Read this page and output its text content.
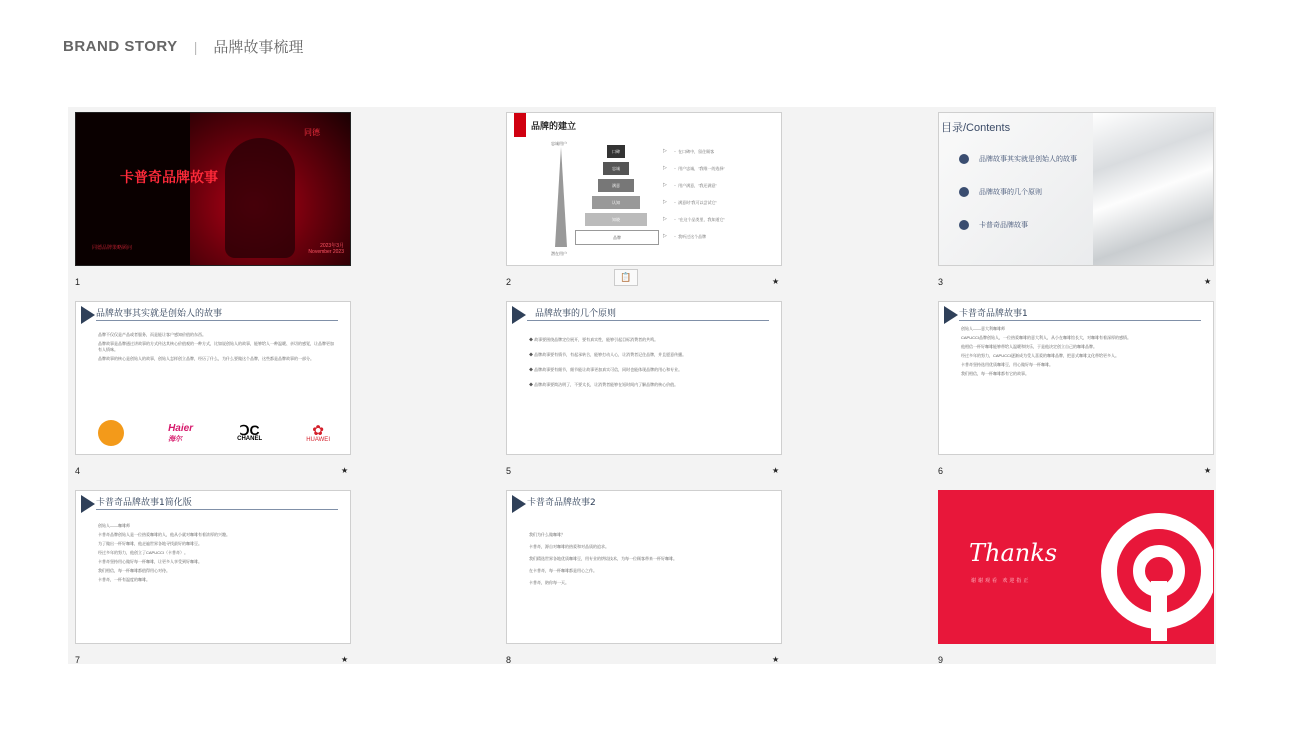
BRAND STORY | 品牌故事梳理
同德
卡普奇品牌故事
同德品牌策略顾问	2023年3月
November 2023
1
品牌的建立
忠诚用户
潜在用户
口碑
忠诚
满意
认知
知晓
品牌
▷ ・ 在口碑中，留住顾客
▷ ・ 用户忠诚，"我唯一的选择"
▷ ・ 用户满意，"我还满意"
▷ ・ 满意时"我可以尝试它"
▷ ・ "在这个品类里，我知道它"
▷ ・ 我听过这个品牌
2	★
目录/Contents
品牌故事其实就是创始人的故事
品牌故事的几个原则
卡普奇品牌故事
3	★
品牌故事其实就是创始人的故事

品牌不仅仅是产品或者服务，而是能让客户感知价值的东西。

品牌故事是品牌通过讲故事的方式传达其核心价值观的一种方式，比如说创始人的故事，能够给人一种温暖、亲切的感觉，让品牌更加有人情味。

品牌故事的核心是创始人的故事，创始人怎样创立品牌，经历了什么，为什么要做这个品牌，这些都是品牌故事的一部分。

Haier
海尔
ↃC
CHANEL
✿
HUAWEI
4	★
品牌故事的几个原则

◆ 故事要围绕品牌定位展开，要有真实性，能够引起目标消费者的共鸣。

◆ 品牌故事要有情节，有起承转合，能够打动人心，让消费者记住品牌，并且愿意传播。

◆ 品牌故事要有细节，细节能让故事更加真实可信，同时也能体现品牌的用心和专业。

◆ 品牌故事要简洁明了，不要太长，让消费者能够在短时间内了解品牌的核心价值。

5	★
卡普奇品牌故事1

创始人——意大利咖啡师

CAPUCCI品牌创始人，一位热爱咖啡的意大利人，从小在咖啡馆长大，对咖啡有着深厚的感情。

他相信一杯好咖啡能够带给人温暖和快乐，于是他决定创立自己的咖啡品牌。

经过多年的努力，CAPUCCI逐渐成为受人喜爱的咖啡品牌，把意式咖啡文化带给更多人。

卡普奇坚持选用优质咖啡豆，用心做好每一杯咖啡。

我们相信，每一杯咖啡都有它的故事。

6	★
卡普奇品牌故事1简化版

创始人——咖啡师

卡普奇品牌创始人是一位热爱咖啡的人，他从小就对咖啡有着浓厚的兴趣。

为了做出一杯好咖啡，他走遍世界各地寻找最好的咖啡豆。

经过多年的努力，他创立了CAPUCCI（卡普奇）。

卡普奇坚持用心做好每一杯咖啡，让更多人享受到好咖啡。

我们相信，每一杯咖啡都值得用心对待。

卡普奇，一杯有温度的咖啡。

7	★
卡普奇品牌故事2

我们为什么做咖啡？

卡普奇，源自对咖啡的热爱和对品质的追求。

我们精选世界各地优质咖啡豆，用专业的烘焙技术，为每一位顾客带来一杯好咖啡。

在卡普奇，每一杯咖啡都是用心之作。

卡普奇，陪你每一天。

8	★
Thanks
谢谢观看 欢迎指正
9
📋
